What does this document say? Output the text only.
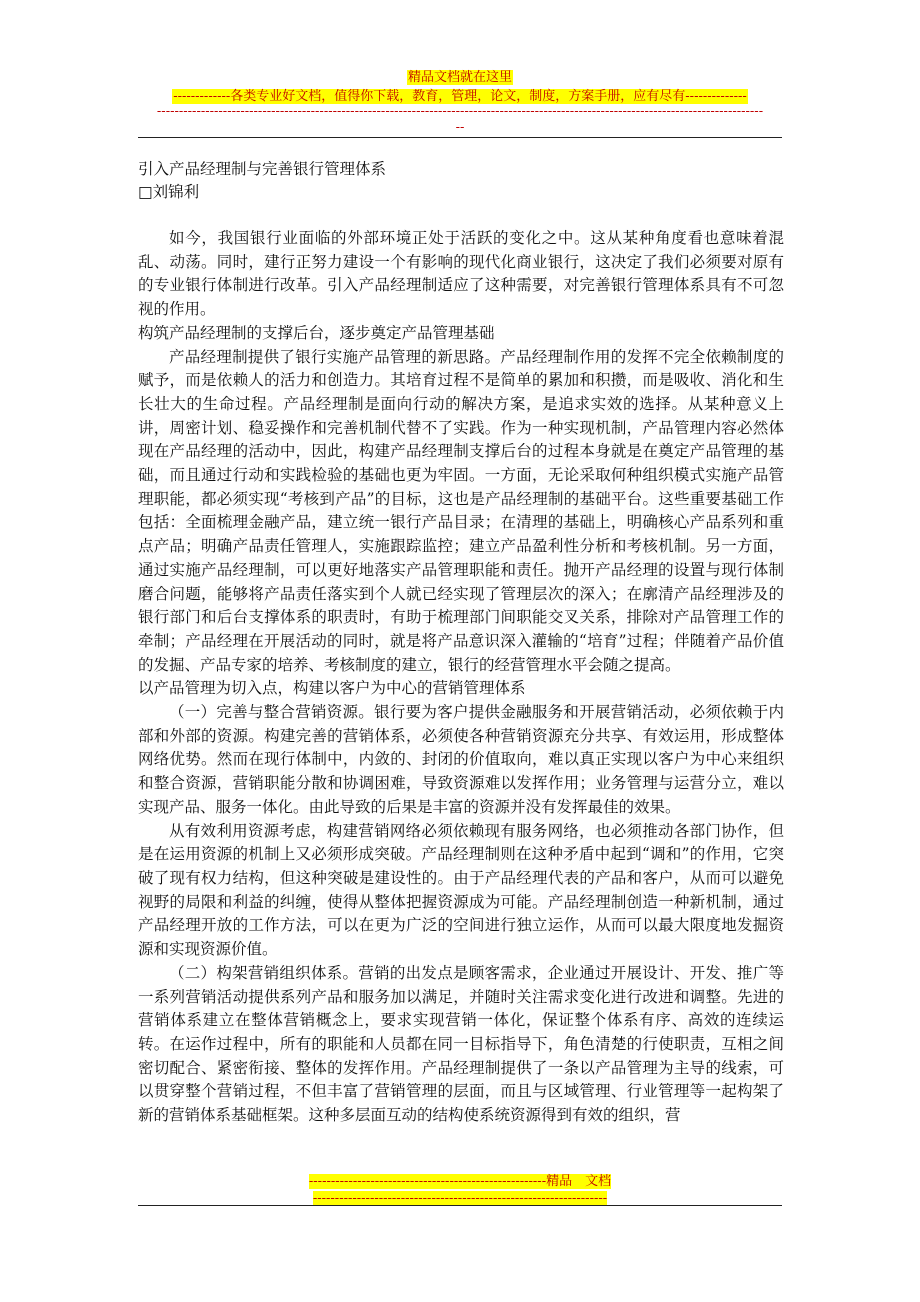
精品文档就在这里
-------------各类专业好文档，值得你下载，教育，管理，论文，制度，方案手册，应有尽有--------------
------------------------------------------------------------------------------------------------------------------------------------------
--
引入产品经理制与完善银行管理体系
□刘锦利

如今，我国银行业面临的外部环境正处于活跃的变化之中。这从某种角度看也意味着混乱、动荡。同时，建行正努力建设一个有影响的现代化商业银行，这决定了我们必须要对原有的专业银行体制进行改革。引入产品经理制适应了这种需要，对完善银行管理体系具有不可忽视的作用。

构筑产品经理制的支撑后台，逐步奠定产品管理基础

产品经理制提供了银行实施产品管理的新思路。产品经理制作用的发挥不完全依赖制度的赋予，而是依赖人的活力和创造力。其培育过程不是简单的累加和积攒，而是吸收、消化和生长壮大的生命过程。产品经理制是面向行动的解决方案，是追求实效的选择。从某种意义上讲，周密计划、稳妥操作和完善机制代替不了实践。作为一种实现机制，产品管理内容必然体现在产品经理的活动中，因此，构建产品经理制支撑后台的过程本身就是在奠定产品管理的基础，而且通过行动和实践检验的基础也更为牢固。一方面，无论采取何种组织模式实施产品管理职能，都必须实现“考核到产品”的目标，这也是产品经理制的基础平台。这些重要基础工作包括：全面梳理金融产品，建立统一银行产品目录；在清理的基础上，明确核心产品系列和重点产品；明确产品责任管理人，实施跟踪监控；建立产品盈利性分析和考核机制。另一方面，通过实施产品经理制，可以更好地落实产品管理职能和责任。抛开产品经理的设置与现行体制磨合问题，能够将产品责任落实到个人就已经实现了管理层次的深入；在廓清产品经理涉及的银行部门和后台支撑体系的职责时，有助于梳理部门间职能交叉关系，排除对产品管理工作的牵制；产品经理在开展活动的同时，就是将产品意识深入灌输的“培育”过程；伴随着产品价值的发掘、产品专家的培养、考核制度的建立，银行的经营管理水平会随之提高。

以产品管理为切入点，构建以客户为中心的营销管理体系

（一）完善与整合营销资源。银行要为客户提供金融服务和开展营销活动，必须依赖于内部和外部的资源。构建完善的营销体系，必须使各种营销资源充分共享、有效运用，形成整体网络优势。然而在现行体制中，内敛的、封闭的价值取向，难以真正实现以客户为中心来组织和整合资源，营销职能分散和协调困难，导致资源难以发挥作用；业务管理与运营分立，难以实现产品、服务一体化。由此导致的后果是丰富的资源并没有发挥最佳的效果。

从有效利用资源考虑，构建营销网络必须依赖现有服务网络，也必须推动各部门协作，但是在运用资源的机制上又必须形成突破。产品经理制则在这种矛盾中起到“调和”的作用，它突破了现有权力结构，但这种突破是建设性的。由于产品经理代表的产品和客户，从而可以避免视野的局限和利益的纠缠，使得从整体把握资源成为可能。产品经理制创造一种新机制，通过产品经理开放的工作方法，可以在更为广泛的空间进行独立运作，从而可以最大限度地发掘资源和实现资源价值。

（二）构架营销组织体系。营销的出发点是顾客需求，企业通过开展设计、开发、推广等一系列营销活动提供系列产品和服务加以满足，并随时关注需求变化进行改进和调整。先进的营销体系建立在整体营销概念上，要求实现营销一体化，保证整个体系有序、高效的连续运转。在运作过程中，所有的职能和人员都在同一目标指导下，角色清楚的行使职责，互相之间密切配合、紧密衔接、整体的发挥作用。产品经理制提供了一条以产品管理为主导的线索，可以贯穿整个营销过程，不但丰富了营销管理的层面，而且与区域管理、行业管理等一起构架了新的营销体系基础框架。这种多层面互动的结构使系统资源得到有效的组织，营

------------------------------------------------------精品　文档
-------------------------------------------------------------------
